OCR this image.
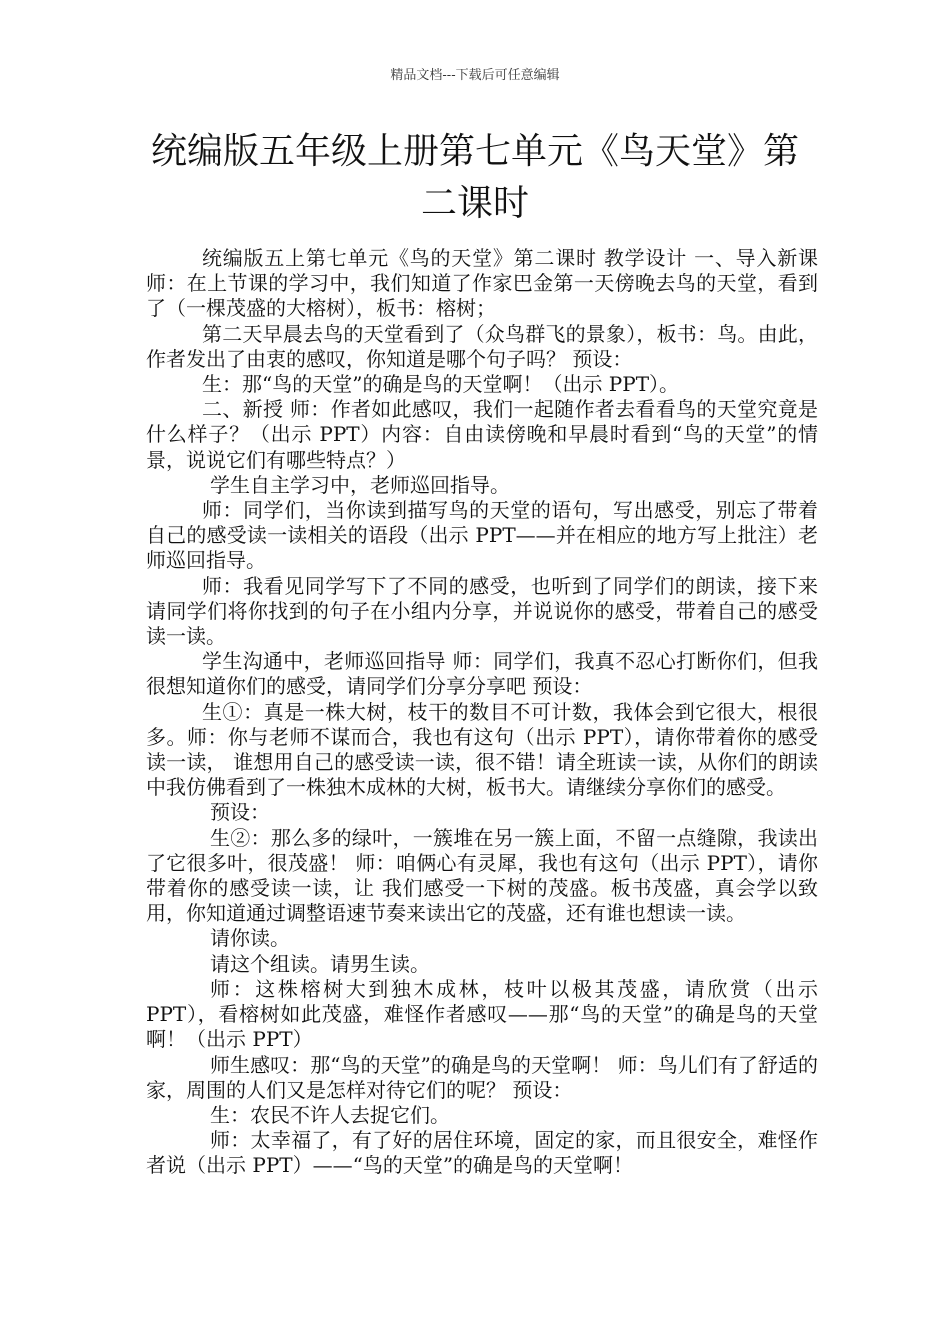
精品文档---下载后可任意编辑
统编版五年级上册第七单元《鸟天堂》第二课时

统编版五上第七单元《鸟的天堂》第二课时 教学设计 一、导入新课 师：在上节课的学习中，我们知道了作家巴金第一天傍晚去鸟的天堂，看到了（一棵茂盛的大榕树），板书：榕树；

第二天早晨去鸟的天堂看到了（众鸟群飞的景象），板书：鸟。由此，作者发出了由衷的感叹，你知道是哪个句子吗？ 预设：

生：那“鸟的天堂”的确是鸟的天堂啊！（出示 PPT）。

二、新授 师：作者如此感叹，我们一起随作者去看看鸟的天堂究竟是什么样子？（出示 PPT）内容：自由读傍晚和早晨时看到“鸟的天堂”的情景，说说它们有哪些特点？）

学生自主学习中，老师巡回指导。

师：同学们，当你读到描写鸟的天堂的语句，写出感受，别忘了带着自己的感受读一读相关的语段（出示 PPT——并在相应的地方写上批注）老师巡回指导。

师：我看见同学写下了不同的感受，也听到了同学们的朗读，接下来请同学们将你找到的句子在小组内分享，并说说你的感受，带着自己的感受读一读。

学生沟通中，老师巡回指导 师：同学们，我真不忍心打断你们，但我很想知道你们的感受，请同学们分享分享吧 预设：

生①：真是一株大树，枝干的数目不可计数，我体会到它很大，根很多。师：你与老师不谋而合，我也有这句（出示 PPT），请你带着你的感受读一读， 谁想用自己的感受读一读，很不错！请全班读一读，从你们的朗读中我仿佛看到了一株独木成林的大树，板书大。请继续分享你们的感受。

预设：

生②：那么多的绿叶，一簇堆在另一簇上面，不留一点缝隙，我读出了它很多叶，很茂盛！ 师：咱俩心有灵犀，我也有这句（出示 PPT），请你带着你的感受读一读，让 我们感受一下树的茂盛。板书茂盛，真会学以致用，你知道通过调整语速节奏来读出它的茂盛，还有谁也想读一读。

请你读。

请这个组读。请男生读。

师：这株榕树大到独木成林，枝叶以极其茂盛，请欣赏（出示 PPT），看榕树如此茂盛，难怪作者感叹——那“鸟的天堂”的确是鸟的天堂啊！（出示 PPT）

师生感叹：那“鸟的天堂”的确是鸟的天堂啊！ 师：鸟儿们有了舒适的家，周围的人们又是怎样对待它们的呢？ 预设：

生：农民不许人去捉它们。

师：太幸福了，有了好的居住环境，固定的家，而且很安全，难怪作者说（出示 PPT）——“鸟的天堂”的确是鸟的天堂啊！
